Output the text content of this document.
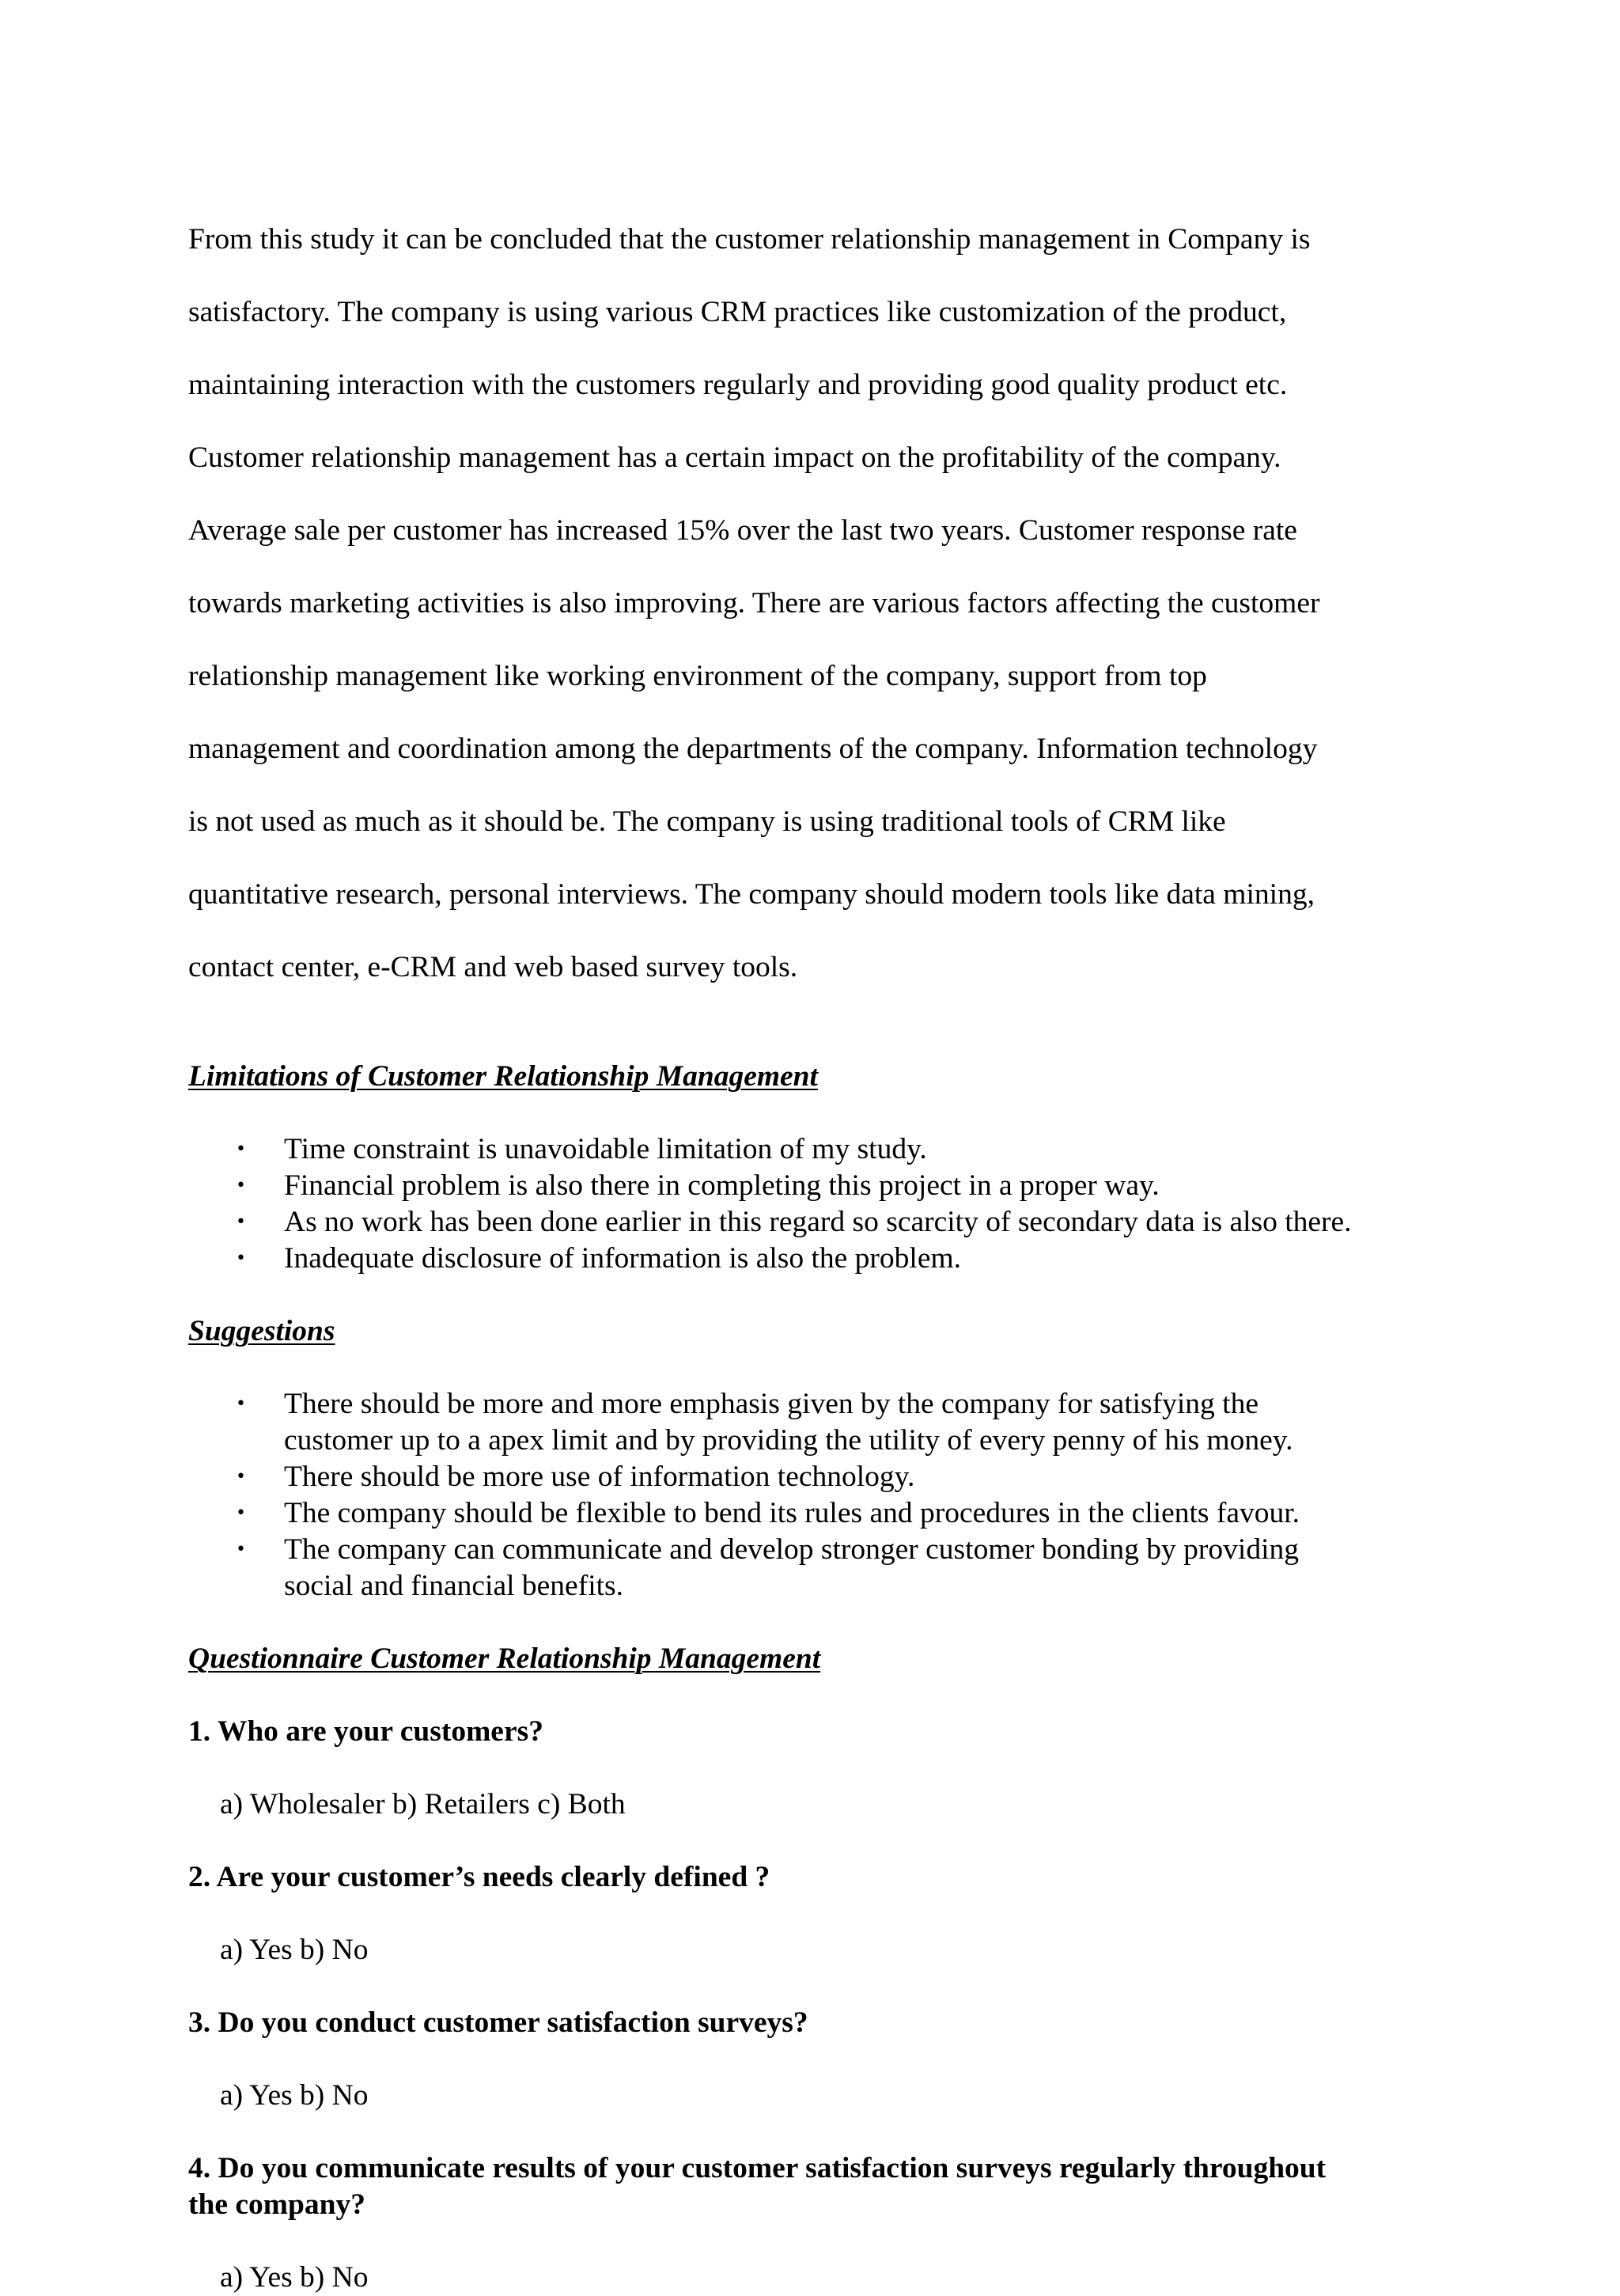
From this study it can be concluded that the customer relationship management in Company is

satisfactory. The company is using various CRM practices like customization of the product,

maintaining interaction with the customers regularly and providing good quality product etc.

Customer relationship management has a certain impact on the profitability of the company.

Average sale per customer has increased 15% over the last two years. Customer response rate

towards marketing activities is also improving. There are various factors affecting the customer

relationship management like working environment of the company, support from top

management and coordination among the departments of the company. Information technology

is not used as much as it should be. The company is using traditional tools of CRM like

quantitative research, personal interviews. The company should modern tools like data mining,

contact center, e-CRM and web based survey tools.

Limitations of Customer Relationship Management

• Time constraint is unavoidable limitation of my study.
• Financial problem is also there in completing this project in a proper way.
• As no work has been done earlier in this regard so scarcity of secondary data is also there.
• Inadequate disclosure of information is also the problem.

Suggestions

• There should be more and more emphasis given by the company for satisfying the
customer up to a apex limit and by providing the utility of every penny of his money.
• There should be more use of information technology.
• The company should be flexible to bend its rules and procedures in the clients favour.
• The company can communicate and develop stronger customer bonding by providing
social and financial benefits.

Questionnaire Customer Relationship Management

1. Who are your customers?

a) Wholesaler b) Retailers c) Both

2. Are your customer’s needs clearly defined ?

a) Yes b) No

3. Do you conduct customer satisfaction surveys?

a) Yes b) No

4. Do you communicate results of your customer satisfaction surveys regularly throughout
the company?

a) Yes b) No
